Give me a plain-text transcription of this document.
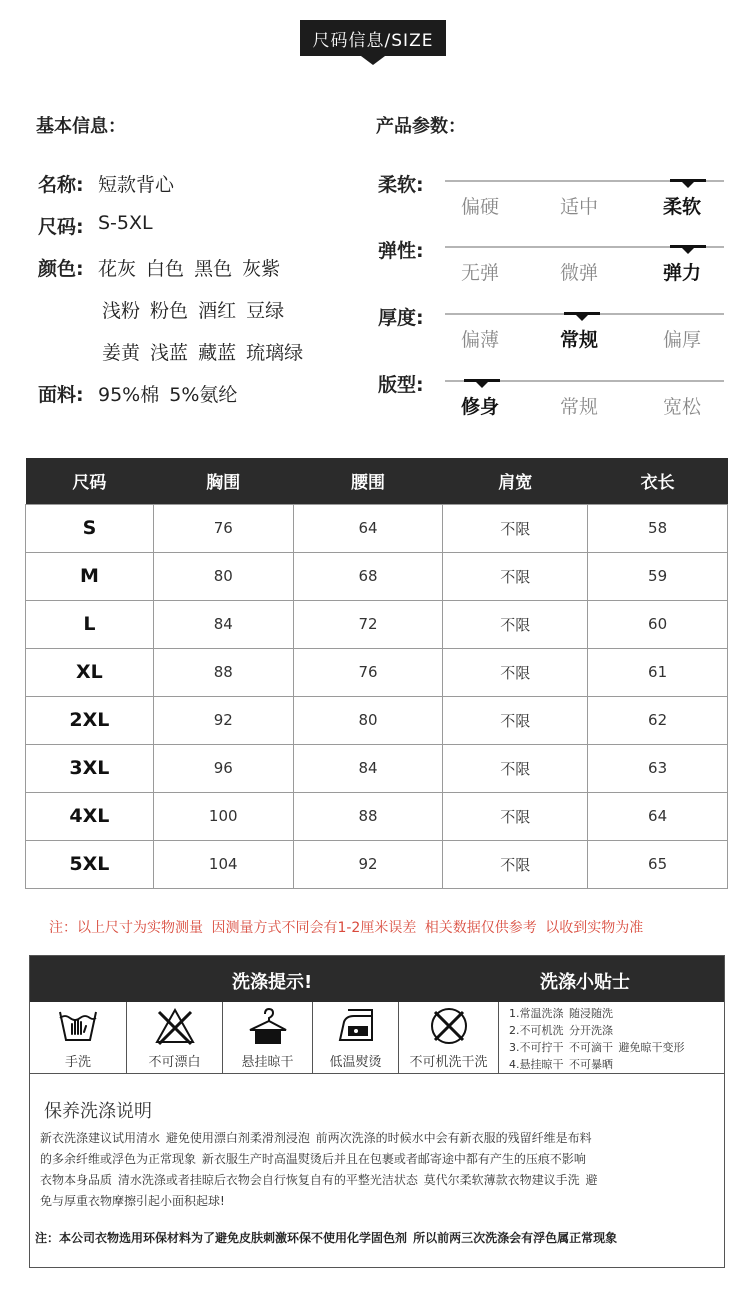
尺码信息/SIZE
基本信息：
名称: 短款背心
尺码: S-5XL
颜色: 花灰 白色 黑色 灰紫
浅粉 粉色 酒红 豆绿
姜黄 浅蓝 藏蓝 琉璃绿
面料: 95%棉 5%氨纶
产品参数：
柔软:
偏硬	适中	柔软
弹性:
无弹	微弹	弹力
厚度:
偏薄	常规	偏厚
版型:
修身	常规	宽松
尺码	胸围	腰围	肩宽	衣长
S	76	64	不限	58
M	80	68	不限	59
L	84	72	不限	60
XL	88	76	不限	61
2XL	92	80	不限	62
3XL	96	84	不限	63
4XL	100	88	不限	64
5XL	104	92	不限	65
注：以上尺寸为实物测量 因测量方式不同会有1-2厘米误差 相关数据仅供参考 以收到实物为准
洗涤提示!	洗涤小贴士
手洗	不可漂白	悬挂晾干	低温熨烫	不可机洗干洗
1.常温洗涤 随浸随洗
2.不可机洗 分开洗涤
3.不可拧干 不可滴干 避免晾干变形
4.悬挂晾干 不可暴晒
保养洗涤说明
新衣洗涤建议试用清水 避免使用漂白剂柔滑剂浸泡 前两次洗涤的时候水中会有新衣服的残留纤维是布料
的多余纤维或浮色为正常现象 新衣服生产时高温熨烫后并且在包裹或者邮寄途中都有产生的压痕不影响
衣物本身品质 清水洗涤或者挂晾后衣物会自行恢复自有的平整光洁状态 莫代尔柔软薄款衣物建议手洗 避
免与厚重衣物摩擦引起小面积起球!
注：本公司衣物选用环保材料为了避免皮肤刺激环保不使用化学固色剂 所以前两三次洗涤会有浮色属正常现象
